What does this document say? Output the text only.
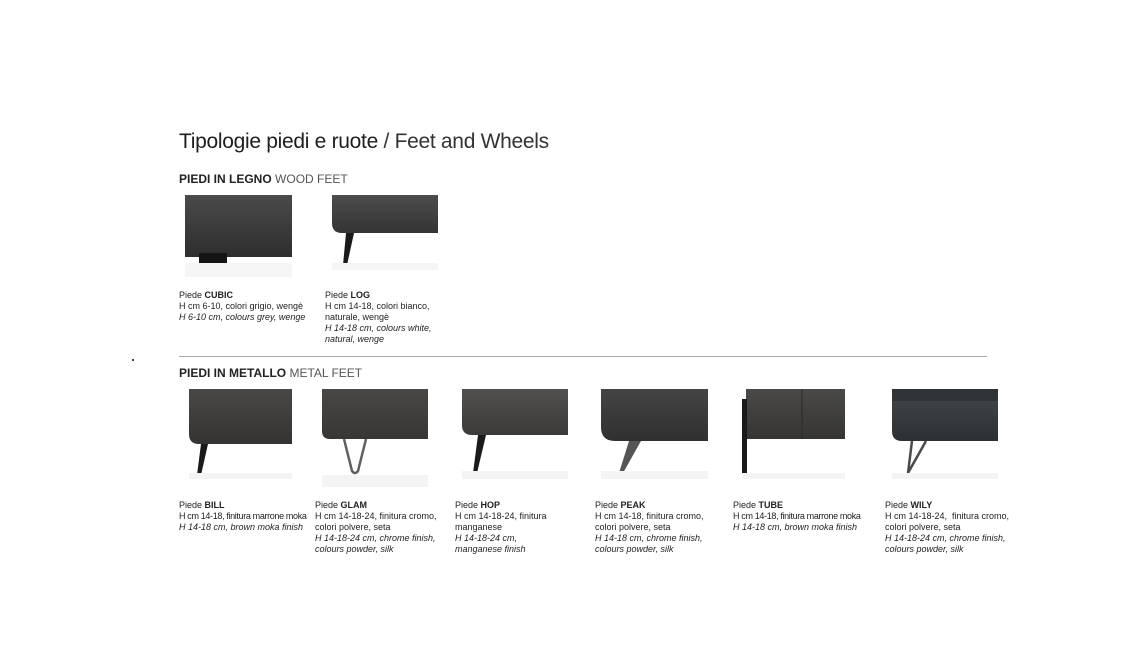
Tipologie piedi e ruote / Feet and Wheels
PIEDI IN LEGNO WOOD FEET
Piede CUBIC
H cm 6-10, colori grigio, wengè
H 6-10 cm, colours grey, wenge
Piede LOG
H cm 14-18, colori bianco,
naturale, wengè
H 14-18 cm, colours white,
natural, wenge
PIEDI IN METALLO METAL FEET
Piede BILL
H cm 14-18, finitura marrone moka
H 14-18 cm, brown moka finish
Piede GLAM
H cm 14-18-24, finitura cromo,
colori polvere, seta
H 14-18-24 cm, chrome finish,
colours powder, silk
Piede HOP
H cm 14-18-24, finitura
manganese
H 14-18-24 cm,
manganese finish
Piede PEAK
H cm 14-18, finitura cromo,
colori polvere, seta
H 14-18 cm, chrome finish,
colours powder, silk
Piede TUBE
H cm 14-18, finitura marrone moka
H 14-18 cm, brown moka finish
Piede WILY
H cm 14-18-24,  finitura cromo,
colori polvere, seta
H 14-18-24 cm, chrome finish,
colours powder, silk
